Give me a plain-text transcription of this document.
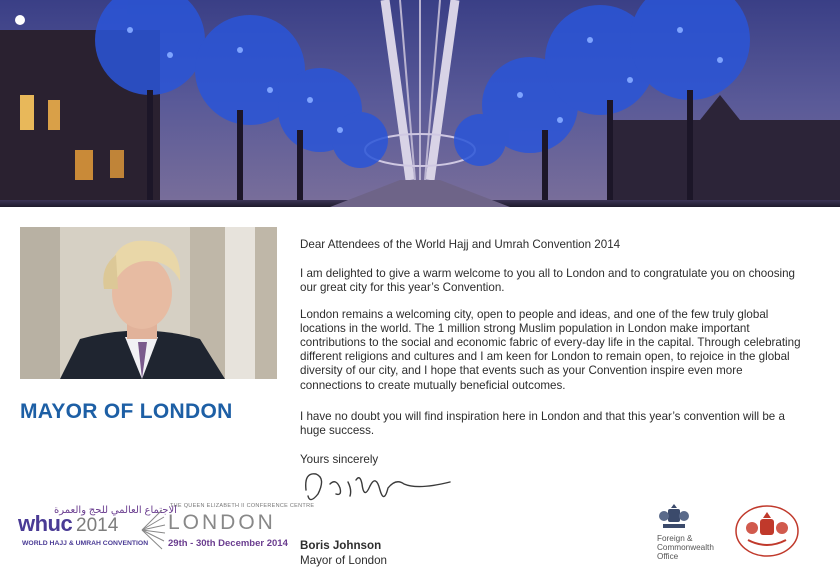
MAYOR OF LONDON

Dear Attendees of the World Hajj and Umrah Convention 2014

I am delighted to give a warm welcome to you all to London and to congratulate you on choosing our great city for this year’s Convention.

London remains a welcoming city, open to people and ideas, and one of the few truly global locations in the world. The 1 million strong Muslim population in London make important contributions to the social and economic fabric of every-day life in the capital. Through celebrating different religions and cultures and I am keen for London to remain open, to rejoice in the global diversity of our city, and I hope that events such as your Convention inspire even more connections to create mutually beneficial outcomes.

I have no doubt you will find inspiration here in London and that this year’s convention will be a huge success.

Yours sincerely

Boris Johnson

Mayor of London

الاجتماع العالمي للحج والعمرة
whuc 2014
WORLD HAJJ & UMRAH CONVENTION
THE QUEEN ELIZABETH II CONFERENCE CENTRE
LONDON
29th - 30th December 2014	Foreign &
Commonwealth
Office
